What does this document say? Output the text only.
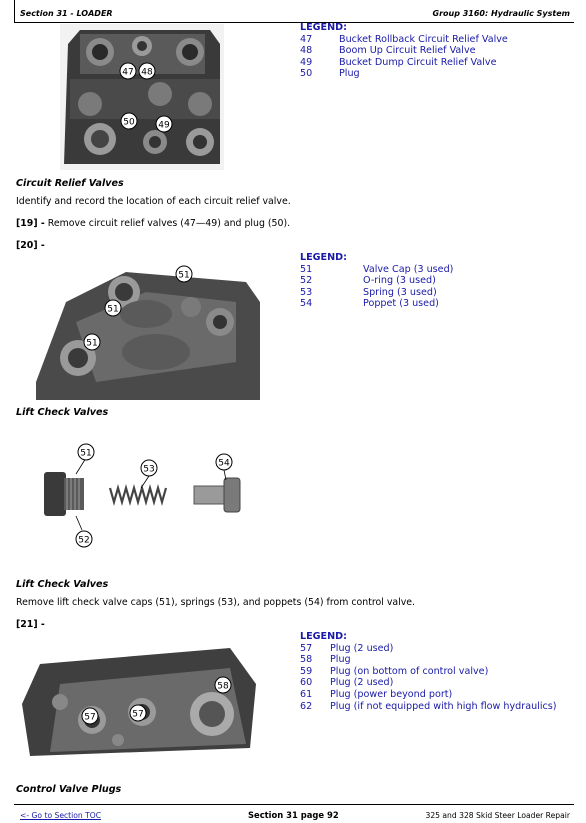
Section 31 - LOADER	Group 3160: Hydraulic System
47 48
50	49
LEGEND:
47	Bucket Rollback Circuit Relief Valve
48	Boom Up Circuit Relief Valve
49	Bucket Dump Circuit Relief Valve
50	Plug
Circuit Relief Valves
Identify and record the location of each circuit relief valve.
[19] - Remove circuit relief valves (47—49) and plug (50).
[20] -
51
51
51
LEGEND:
51	Valve Cap (3 used)
52	O-ring (3 used)
53	Spring (3 used)
54	Poppet (3 used)
Lift Check Valves
51
53
54
52
Lift Check Valves
Remove lift check valve caps (51), springs (53), and poppets (54) from control valve.
[21] -
58
57	57
LEGEND:
57 Plug (2 used)
58 Plug
59 Plug (on bottom of control valve)
60 Plug (2 used)
61 Plug (power beyond port)
62 Plug (if not equipped with high flow hydraulics)
Control Valve Plugs
<- Go to Section TOC	Section 31 page 92	325 and 328 Skid Steer Loader Repair
